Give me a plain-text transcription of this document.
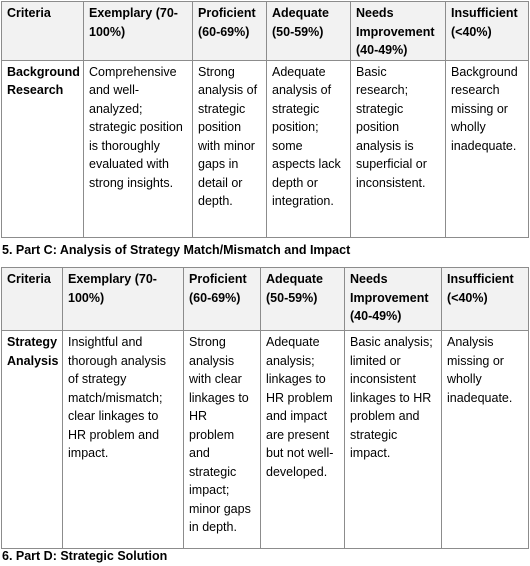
Criteria	Exemplary (70-100%)	Proficient (60-69%)	Adequate (50-59%)	Needs Improvement (40-49%)	Insufficient (<40%)
Background Research	Comprehensive and well-analyzed; strategic position is thoroughly evaluated with strong insights.	Strong analysis of strategic position with minor gaps in detail or depth.	Adequate analysis of strategic position; some aspects lack depth or integration.	Basic research; strategic position analysis is superficial or inconsistent.	Background research missing or wholly inadequate.
5. Part C: Analysis of Strategy Match/Mismatch and Impact
Criteria	Exemplary (70-100%)	Proficient (60-69%)	Adequate (50-59%)	Needs Improvement (40-49%)	Insufficient (<40%)
Strategy Analysis	Insightful and thorough analysis of strategy match/mismatch; clear linkages to HR problem and impact.	Strong analysis with clear linkages to HR problem and strategic impact; minor gaps in depth.	Adequate analysis; linkages to HR problem and impact are present but not well-developed.	Basic analysis; limited or inconsistent linkages to HR problem and strategic impact.	Analysis missing or wholly inadequate.
6. Part D: Strategic Solution
